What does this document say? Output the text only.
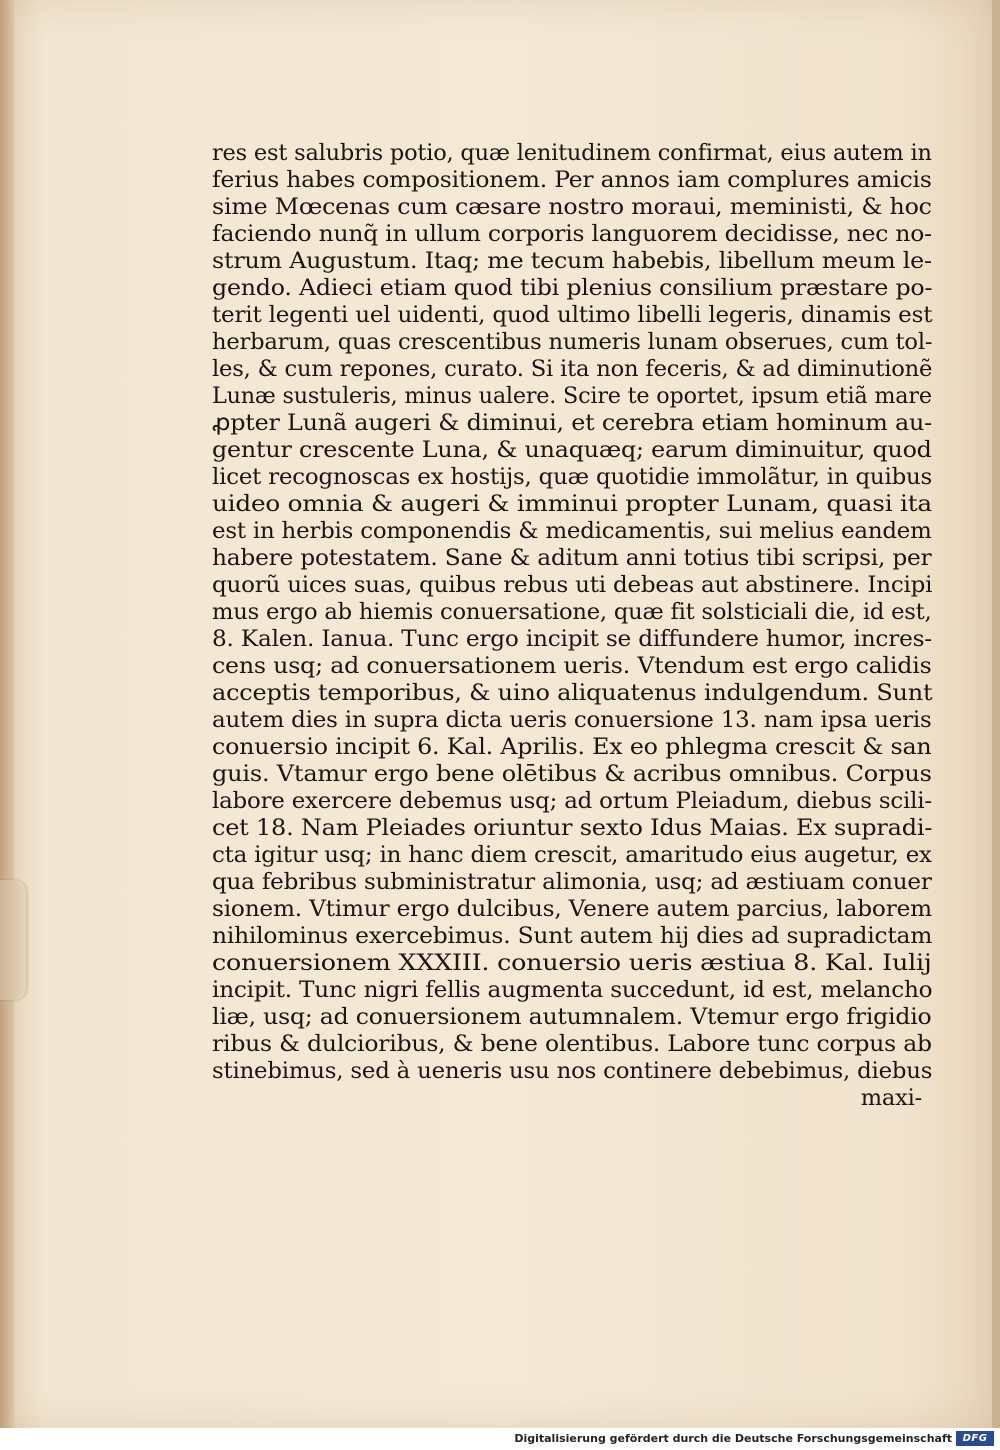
res est salubris potio, quæ lenitudinem confirmat, eius autem in
ferius habes compositionem. Per annos iam complures amicis
sime Mœcenas cum cæsare nostro moraui, meministi, & hoc
faciendo nunq̃ in ullum corporis languorem decidisse, nec no-
strum Augustum. Itaq; me tecum habebis, libellum meum le-
gendo. Adieci etiam quod tibi plenius consilium præstare po-
terit legenti uel uidenti, quod ultimo libelli legeris, dinamis est
herbarum, quas crescentibus numeris lunam obserues, cum tol-
les, & cum repones, curato. Si ita non feceris, & ad diminutionẽ
Lunæ sustuleris, minus ualere. Scire te oportet, ipsum etiã mare
ꝓpter Lunã augeri & diminui, et cerebra etiam hominum au-
gentur crescente Luna, & unaquæq; earum diminuitur, quod
licet recognoscas ex hostijs, quæ quotidie immolãtur, in quibus
uideo omnia & augeri & imminui propter Lunam, quasi ita
est in herbis componendis & medicamentis, sui melius eandem
habere potestatem. Sane & aditum anni totius tibi scripsi, per
quorũ uices suas, quibus rebus uti debeas aut abstinere. Incipi
mus ergo ab hiemis conuersatione, quæ fit solsticiali die, id est,
8. Kalen. Ianua. Tunc ergo incipit se diffundere humor, incres-
cens usq; ad conuersationem ueris. Vtendum est ergo calidis
acceptis temporibus, & uino aliquatenus indulgendum. Sunt
autem dies in supra dicta ueris conuersione 13. nam ipsa ueris
conuersio incipit 6. Kal. Aprilis. Ex eo phlegma crescit & san
guis. Vtamur ergo bene olētibus & acribus omnibus. Corpus
labore exercere debemus usq; ad ortum Pleiadum, diebus scili-
cet 18. Nam Pleiades oriuntur sexto Idus Maias. Ex supradi-
cta igitur usq; in hanc diem crescit, amaritudo eius augetur, ex
qua febribus subministratur alimonia, usq; ad æstiuam conuer
sionem. Vtimur ergo dulcibus, Venere autem parcius, laborem
nihilominus exercebimus. Sunt autem hij dies ad supradictam
conuersionem XXXIII. conuersio ueris æstiua 8. Kal. Iulij
incipit. Tunc nigri fellis augmenta succedunt, id est, melancho
liæ, usq; ad conuersionem autumnalem. Vtemur ergo frigidio
ribus & dulcioribus, & bene olentibus. Labore tunc corpus ab
stinebimus, sed à ueneris usu nos continere debebimus, diebus
maxi-
Digitalisierung gefördert durch die Deutsche Forschungsgemeinschaft	DFG
